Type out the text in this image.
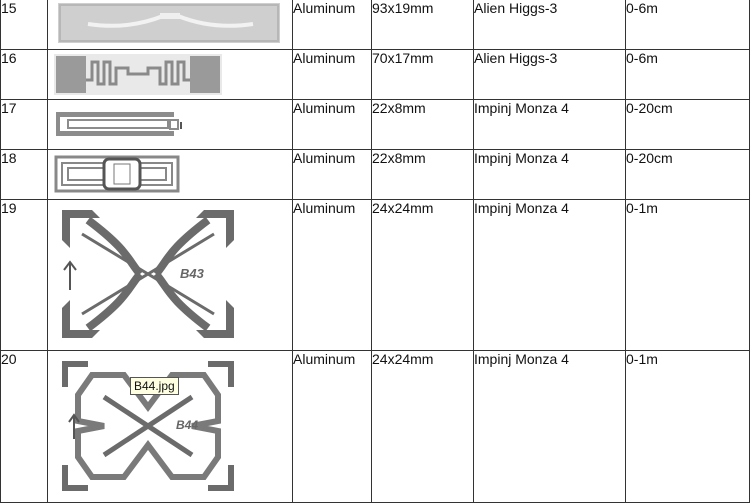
15		Aluminum	93x19mm	Alien Higgs-3	0-6m
16		Aluminum	70x17mm	Alien Higgs-3	0-6m
17		Aluminum	22x8mm	Impinj Monza 4	0-20cm
18		Aluminum	22x8mm	Impinj Monza 4	0-20cm
19	B43	Aluminum	24x24mm	Impinj Monza 4	0-1m
20	B44	Aluminum	24x24mm	Impinj Monza 4	0-1m
B44.jpg
